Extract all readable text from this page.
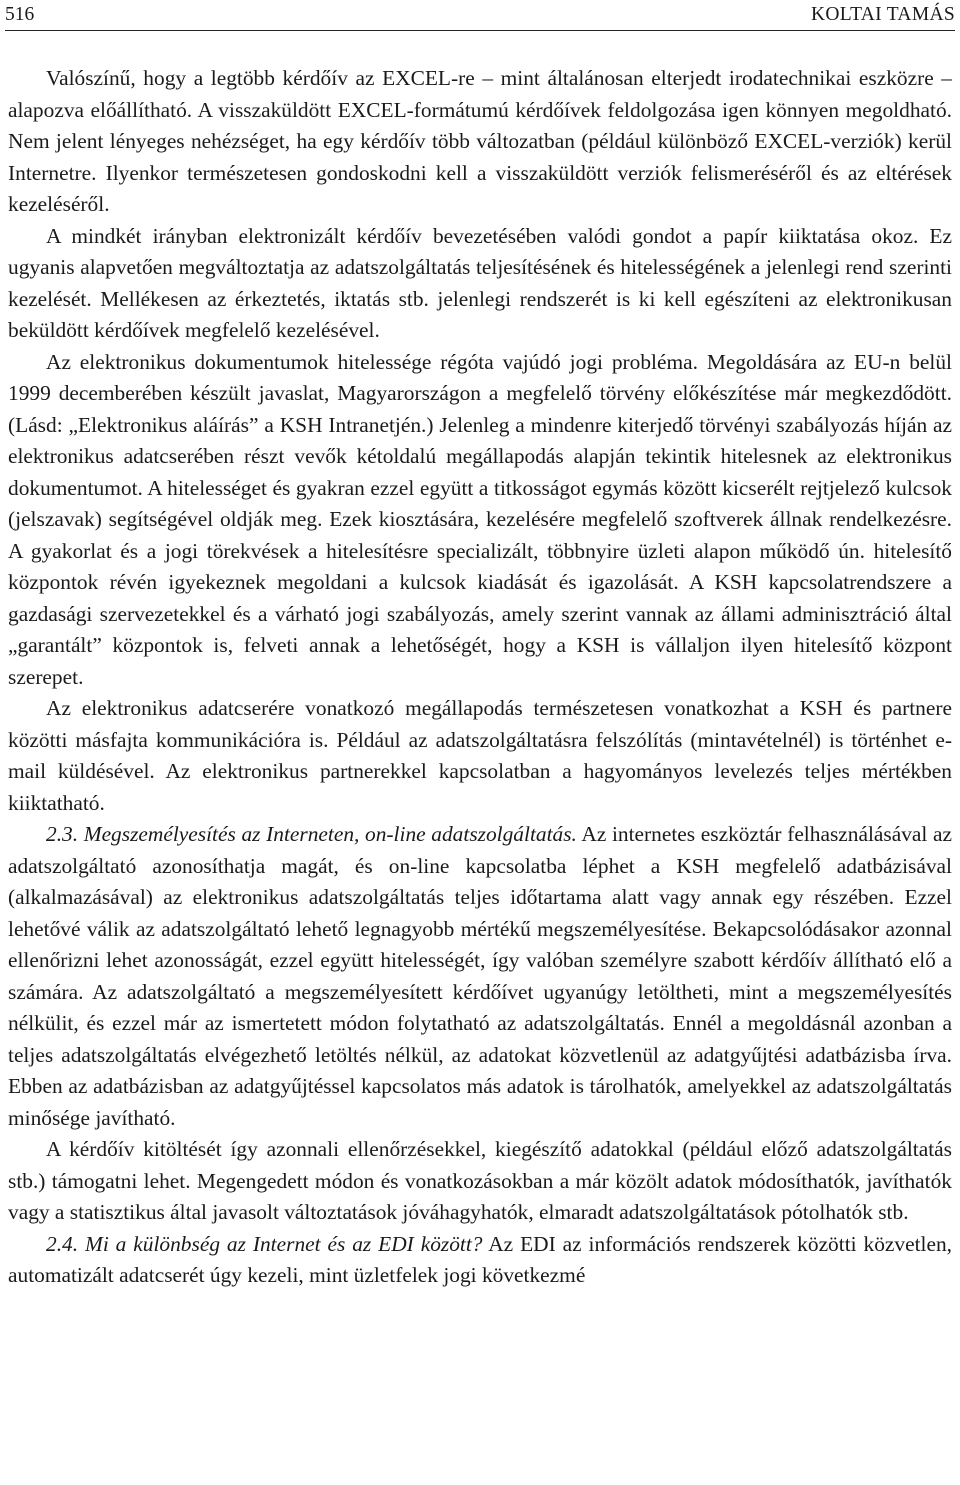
516	KOLTAI TAMÁS

Valószínű, hogy a legtöbb kérdőív az EXCEL-re – mint általánosan elterjedt irodatechnikai eszközre – alapozva előállítható. A visszaküldött EXCEL-formátumú kérdőívek feldolgozása igen könnyen megoldható. Nem jelent lényeges nehézséget, ha egy kérdőív több változatban (például különböző EXCEL-verziók) kerül Internetre. Ilyenkor természetesen gondoskodni kell a visszaküldött verziók felismeréséről és az eltérések kezeléséről.

A mindkét irányban elektronizált kérdőív bevezetésében valódi gondot a papír kiiktatása okoz. Ez ugyanis alapvetően megváltoztatja az adatszolgáltatás teljesítésének és hitelességének a jelenlegi rend szerinti kezelését. Mellékesen az érkeztetés, iktatás stb. jelenlegi rendszerét is ki kell egészíteni az elektronikusan beküldött kérdőívek megfelelő kezelésével.

Az elektronikus dokumentumok hitelessége régóta vajúdó jogi probléma. Megoldására az EU-n belül 1999 decemberében készült javaslat, Magyarországon a megfelelő törvény előkészítése már megkezdődött. (Lásd: „Elektronikus aláírás” a KSH Intranetjén.) Jelenleg a mindenre kiterjedő törvényi szabályozás híján az elektronikus adatcserében részt vevők kétoldalú megállapodás alapján tekintik hitelesnek az elektronikus dokumentumot. A hitelességet és gyakran ezzel együtt a titkosságot egymás között kicserélt rejtjelező kulcsok (jelszavak) segítségével oldják meg. Ezek kiosztására, kezelésére megfelelő szoftverek állnak rendelkezésre. A gyakorlat és a jogi törekvések a hitelesítésre specializált, többnyire üzleti alapon működő ún. hitelesítő központok révén igyekeznek megoldani a kulcsok kiadását és igazolását. A KSH kapcsolatrendszere a gazdasági szervezetekkel és a várható jogi szabályozás, amely szerint vannak az állami adminisztráció által „garantált” központok is, felveti annak a lehetőségét, hogy a KSH is vállaljon ilyen hitelesítő központ szerepet.

Az elektronikus adatcserére vonatkozó megállapodás természetesen vonatkozhat a KSH és partnere közötti másfajta kommunikációra is. Például az adatszolgáltatásra felszólítás (mintavételnél) is történhet e-mail küldésével. Az elektronikus partnerekkel kapcsolatban a hagyományos levelezés teljes mértékben kiiktatható.

2.3. Megszemélyesítés az Interneten, on-line adatszolgáltatás. Az internetes eszköztár felhasználásával az adatszolgáltató azonosíthatja magát, és on-line kapcsolatba léphet a KSH megfelelő adatbázisával (alkalmazásával) az elektronikus adatszolgáltatás teljes időtartama alatt vagy annak egy részében. Ezzel lehetővé válik az adatszolgáltató lehető legnagyobb mértékű megszemélyesítése. Bekapcsolódásakor azonnal ellenőrizni lehet azonosságát, ezzel együtt hitelességét, így valóban személyre szabott kérdőív állítható elő a számára. Az adatszolgáltató a megszemélyesített kérdőívet ugyanúgy letöltheti, mint a megszemélyesítés nélkülit, és ezzel már az ismertetett módon folytatható az adatszolgáltatás. Ennél a megoldásnál azonban a teljes adatszolgáltatás elvégezhető letöltés nélkül, az adatokat közvetlenül az adatgyűjtési adatbázisba írva. Ebben az adatbázisban az adatgyűjtéssel kapcsolatos más adatok is tárolhatók, amelyekkel az adatszolgáltatás minősége javítható.

A kérdőív kitöltését így azonnali ellenőrzésekkel, kiegészítő adatokkal (például előző adatszolgáltatás stb.) támogatni lehet. Megengedett módon és vonatkozásokban a már közölt adatok módosíthatók, javíthatók vagy a statisztikus által javasolt változtatások jóváhagyhatók, elmaradt adatszolgáltatások pótolhatók stb.

2.4. Mi a különbség az Internet és az EDI között? Az EDI az információs rendszerek közötti közvetlen, automatizált adatcserét úgy kezeli, mint üzletfelek jogi következmé
